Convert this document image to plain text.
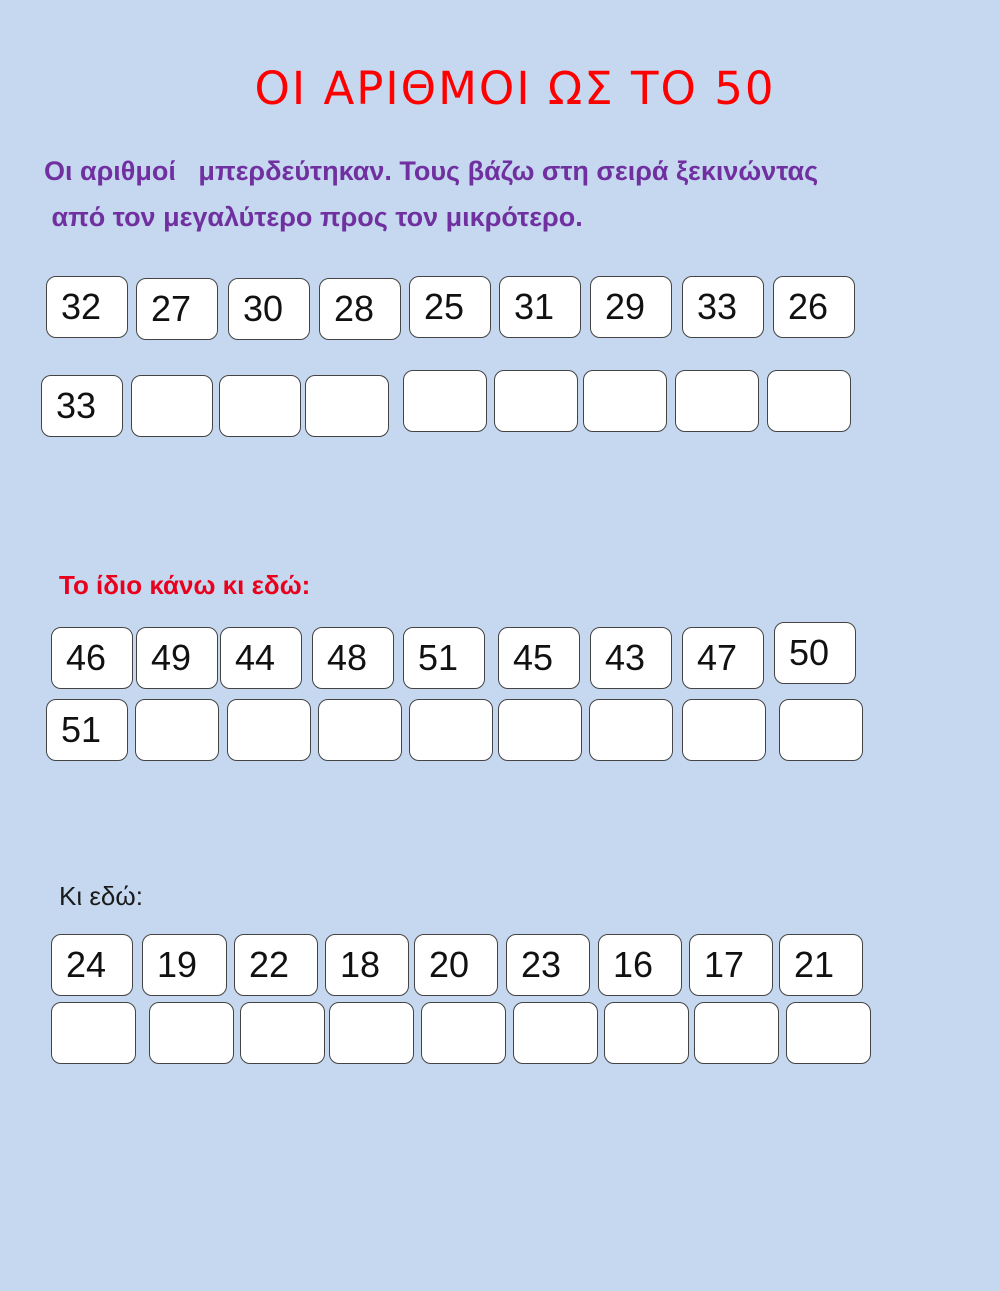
ΟΙ ΑΡΙΘΜΟΙ ΩΣ ΤΟ 50
Οι αριθμοί   μπερδεύτηκαν. Τους βάζω στη σειρά ξεκινώντας
από τον μεγαλύτερο προς τον μικρότερο.
32	27	30	28	25	31	29	33	26
33
Το ίδιο κάνω κι εδώ:
46	49	44	48	51	45	43	47	50
51
Κι εδώ:
24	19	22	18	20	23	16	17	21
